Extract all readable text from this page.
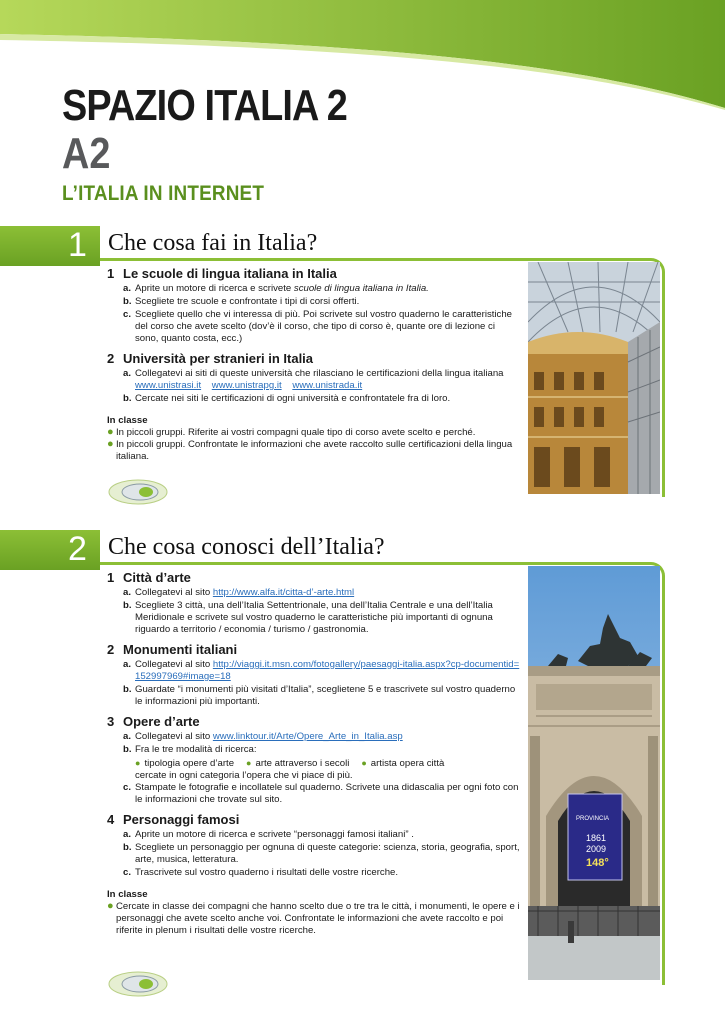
SPAZIO ITALIA 2
A2
L’ITALIA IN INTERNET
1 Che cosa fai in Italia?
1 Le scuole di lingua italiana in Italia
a. Aprite un motore di ricerca e scrivete scuole di lingua italiana in Italia.
b. Scegliete tre scuole e confrontate i tipi di corsi offerti.
c. Scegliete quello che vi interessa di più. Poi scrivete sul vostro quaderno le caratteristiche del corso che avete scelto (dov’è il corso, che tipo di corso è, quante ore di lezione ci sono, quanto costa, ecc.)
2 Università per stranieri in Italia
a. Collegatevi ai siti di queste università che rilasciano le certificazioni della lingua italiana
www.unistrasi.it www.unistrapg.it www.unistrada.it
b. Cercate nei siti le certificazioni di ogni università e confrontatele fra di loro.
In classe
● In piccoli gruppi. Riferite ai vostri compagni quale tipo di corso avete scelto e perché.
● In piccoli gruppi. Confrontate le informazioni che avete raccolto sulle certificazioni della lingua italiana.
2 Che cosa conosci dell’Italia?
PROVINCIA
1861
2009
148°
1 Città d’arte
a. Collegatevi al sito http://www.alfa.it/citta-d’-arte.html
b. Scegliete 3 città, una dell’Italia Settentrionale, una dell’Italia Centrale e una dell’Italia Meridionale e scrivete sul vostro quaderno le caratteristiche più importanti di ognuna riguardo a territorio / economia / turismo / gastronomia.
2 Monumenti italiani
a. Collegatevi al sito http://viaggi.it.msn.com/fotogallery/paesaggi-italia.aspx?cp-documentid=152997969#image=18
b. Guardate “i monumenti più visitati d’Italia”, sceglietene 5 e trascrivete sul vostro quaderno le informazioni più importanti.
3 Opere d’arte
a. Collegatevi al sito www.linktour.it/Arte/Opere_Arte_in_Italia.asp
b. Fra le tre modalità di ricerca:
● tipologia opere d’arte	● arte attraverso i secoli	● artista opera città
cercate in ogni categoria l’opera che vi piace di più.
c. Stampate le fotografie e incollatele sul quaderno. Scrivete una didascalia per ogni foto con le informazioni che trovate sul sito.
4 Personaggi famosi
a. Aprite un motore di ricerca e scrivete “personaggi famosi italiani” .
b. Scegliete un personaggio per ognuna di queste categorie: scienza, storia, geografia, sport, arte, musica, letteratura.
c. Trascrivete sul vostro quaderno i risultati delle vostre ricerche.
In classe
● Cercate in classe dei compagni che hanno scelto due o tre tra le città, i monumenti, le opere e i personaggi che avete scelto anche voi. Confrontate le informazioni che avete raccolto e poi riferite in plenum i risultati delle vostre ricerche.
